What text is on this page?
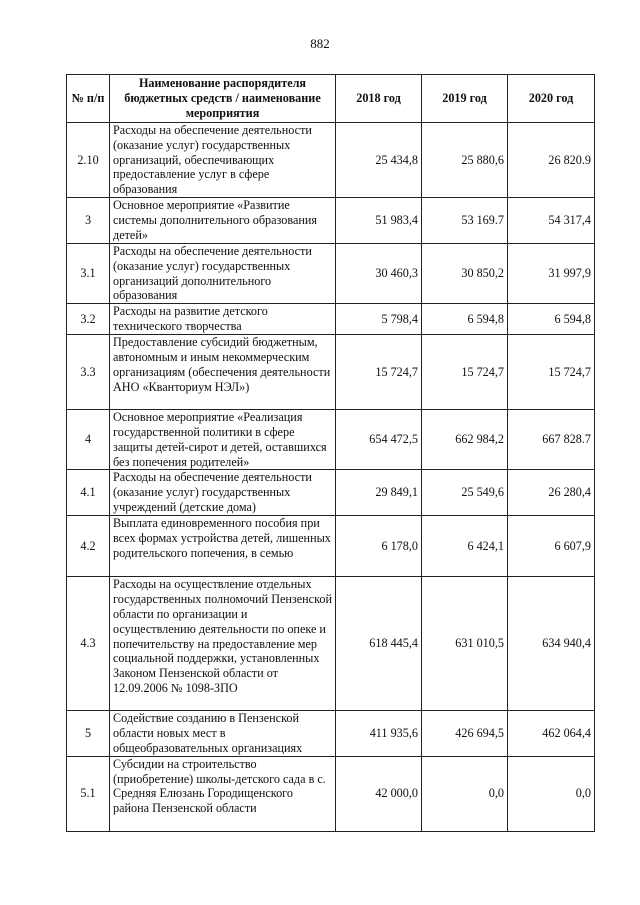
882
№ п/п	Наименование распорядителя бюджетных средств / наименование мероприятия	2018 год	2019 год	2020 год
2.10	Расходы на обеспечение деятельности (оказание услуг) государственных организаций, обеспечивающих предоставление услуг в сфере образования	25 434,8	25 880,6	26 820.9
3	Основное мероприятие «Развитие системы дополнительного образования детей»	51 983,4	53 169.7	54 317,4
3.1	Расходы на обеспечение деятельности (оказание услуг) государственных организаций дополнительного образования	30 460,3	30 850,2	31 997,9
3.2	Расходы на развитие детского технического творчества	5 798,4	6 594,8	6 594,8
3.3	Предоставление субсидий бюджетным, автономным и иным некоммерческим организациям (обеспечения деятельности АНО «Кванториум НЭЛ»)	15 724,7	15 724,7	15 724,7
4	Основное мероприятие «Реализация государственной политики в сфере защиты детей-сирот и детей, оставшихся без попечения родителей»	654 472,5	662 984,2	667 828.7
4.1	Расходы на обеспечение деятельности (оказание услуг) государственных учреждений (детские дома)	29 849,1	25 549,6	26 280,4
4.2	Выплата единовременного пособия при всех формах устройства детей, лишенных родительского попечения, в семью	6 178,0	6 424,1	6 607,9
4.3	Расходы на осуществление отдельных государственных полномочий Пензенской области по организации и осуществлению деятельности по опеке и попечительству на предоставление мер социальной поддержки, установленных Законом Пензенской области от 12.09.2006 № 1098-ЗПО	618 445,4	631 010,5	634 940,4
5	Содействие созданию в Пензенской области новых мест в общеобразовательных организациях	411 935,6	426 694,5	462 064,4
5.1	Субсидии на строительство (приобретение) школы-детского сада в с. Средняя Елюзань Городищенского района Пензенской области	42 000,0	0,0	0,0
